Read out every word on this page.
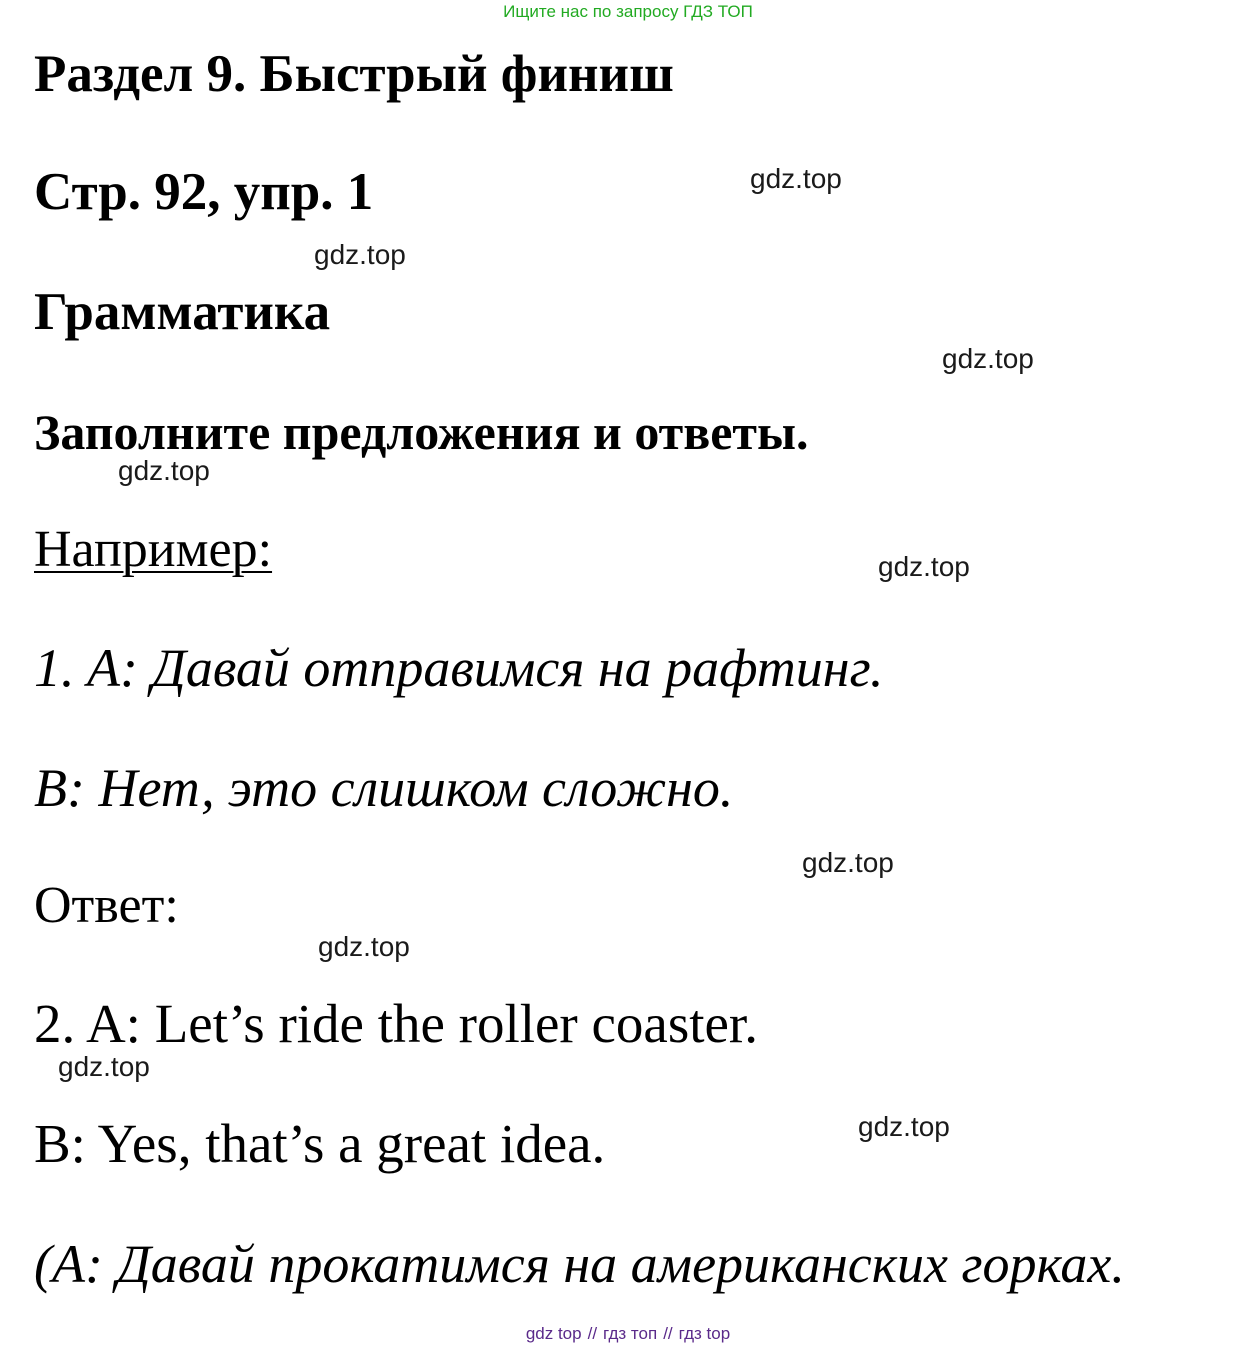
Ищите нас по запросу ГДЗ ТОП
Раздел 9. Быстрый финиш
Стр. 92, упр. 1
Грамматика
Заполните предложения и ответы.
Например:
1. A: Давай отправимся на рафтинг.
B: Нет, это слишком сложно.
Ответ:
2. A: Let’s ride the roller coaster.
B: Yes, that’s a great idea.
(A: Давай прокатимся на американских горках.
gdz.top
gdz.top
gdz.top
gdz.top
gdz.top
gdz.top
gdz.top
gdz.top
gdz.top
gdz top // гдз топ // гдз top
